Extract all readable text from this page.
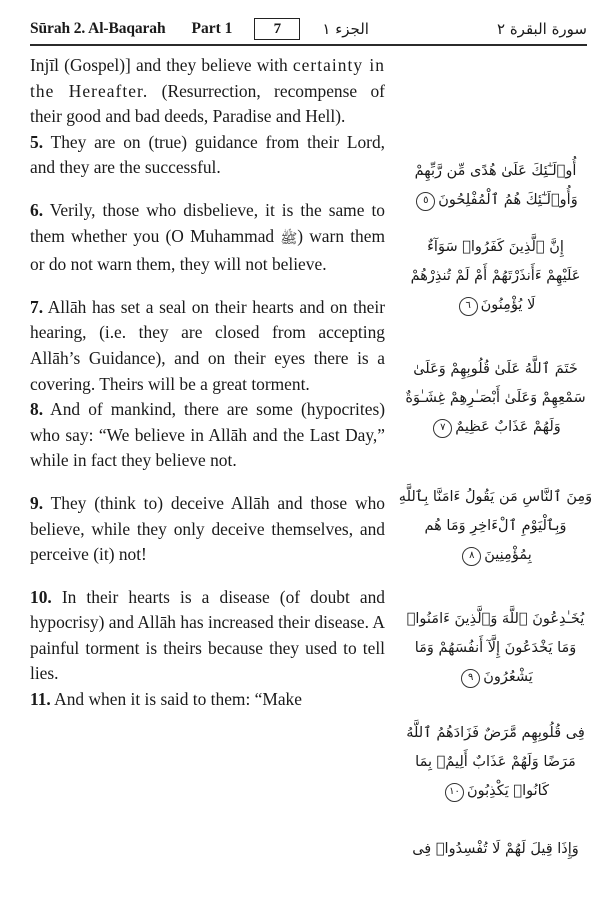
Sūrah 2. Al-Baqarah Part 1	7	الجزء ١	سورة البقرة ٢

Injīl (Gospel)] and they believe with certainty in the Hereafter. (Resurrection, recompense of their good and bad deeds, Paradise and Hell).

5. They are on (true) guidance from their Lord, and they are the successful.

6. Verily, those who disbelieve, it is the same to them whether you (O Muhammad ﷺ) warn them or do not warn them, they will not believe.

7. Allāh has set a seal on their hearts and on their hearing, (i.e. they are closed from accepting Allāh’s Guidance), and on their eyes there is a covering. Theirs will be a great torment.

8. And of mankind, there are some (hypocrites) who say: “We believe in Allāh and the Last Day,” while in fact they believe not.

9. They (think to) deceive Allāh and those who believe, while they only deceive themselves, and perceive (it) not!

10. In their hearts is a disease (of doubt and hypocrisy) and Allāh has increased their disease. A painful torment is theirs because they used to tell lies.

11. And when it is said to them: “Make

أُو۟لَـٰٓئِكَ عَلَىٰ هُدًى مِّن رَّبِّهِمْ
وَأُو۟لَـٰٓئِكَ هُمُ ٱلْمُفْلِحُونَ٥
إِنَّ ٱلَّذِينَ كَفَرُوا۟ سَوَآءٌ
عَلَيْهِمْ ءَأَنذَرْتَهُمْ أَمْ لَمْ تُنذِرْهُمْ
لَا يُؤْمِنُونَ٦
خَتَمَ ٱللَّهُ عَلَىٰ قُلُوبِهِمْ وَعَلَىٰ
سَمْعِهِمْ وَعَلَىٰ أَبْصَـٰرِهِمْ غِشَـٰوَةٌ
وَلَهُمْ عَذَابٌ عَظِيمٌ٧
وَمِنَ ٱلنَّاسِ مَن يَقُولُ ءَامَنَّا بِٱللَّهِ
وَبِٱلْيَوْمِ ٱلْءَاخِرِ وَمَا هُم
بِمُؤْمِنِينَ٨
يُخَـٰدِعُونَ ٱللَّهَ وَٱلَّذِينَ ءَامَنُوا۟
وَمَا يَخْدَعُونَ إِلَّآ أَنفُسَهُمْ وَمَا
يَشْعُرُونَ٩
فِى قُلُوبِهِم مَّرَضٌ فَزَادَهُمُ ٱللَّهُ
مَرَضًا وَلَهُمْ عَذَابٌ أَلِيمٌۢ بِمَا
كَانُوا۟ يَكْذِبُونَ١٠
وَإِذَا قِيلَ لَهُمْ لَا تُفْسِدُوا۟ فِى
